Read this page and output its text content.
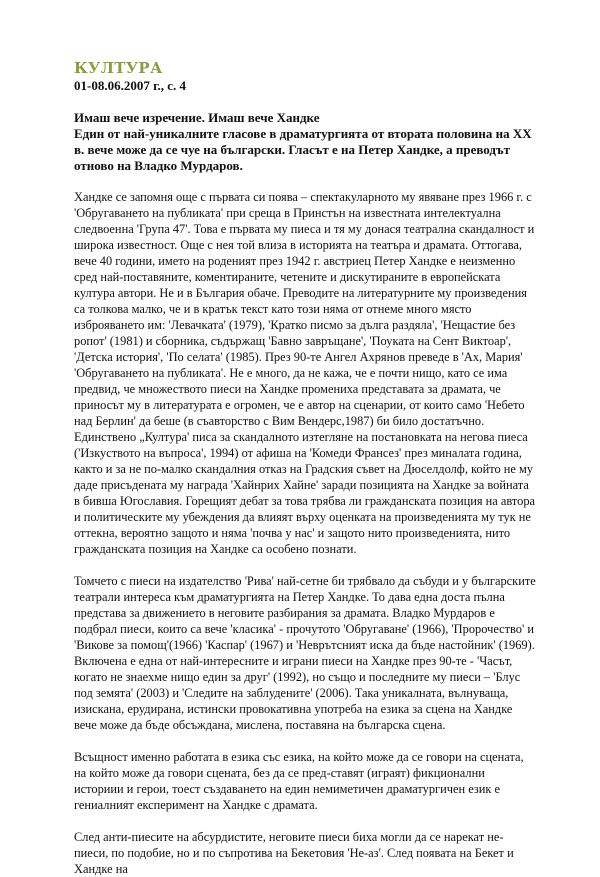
КУЛТУРА
01-08.06.2007 г., с. 4
Имаш вече изречение. Имаш вече Хандке
Един от най-уникалните гласове в драматургията от втората половина на ХХ в. вече може да се чуе на български. Гласът е на Петер Хандке, а преводът отново на Владко Мурдаров.

Хандке се запомня още с първата си поява – спектакуларното му явяване през 1966 г. с 'Обругаването на публиката' при среща в Принстън на известната интелектуална следвоенна 'Група 47'. Това е първата му пиеса и тя му донася театрална скандалност и широка известност. Още с нея той влиза в историята на театъра и драмата. Оттогава, вече 40 години, името на роденият през 1942 г. австриец Петер Хандке е неизменно сред най-поставяните, коментираните, четените и дискутираните в европейската култура автори. Не и в България обаче. Преводите на литературните му произведения са толкова малко, че и в кратък текст като този няма от отнеме много място изброяването им: 'Левачката' (1979), 'Кратко писмо за дълга раздяла', 'Нещастие без ропот' (1981) и сборника, съдържащ 'Бавно завръщане', 'Поуката на Сент Виктоар', 'Детска история', 'По селата' (1985). През 90-те Ангел Ахрянов преведе в 'Ах, Мария' 'Обругаването на публиката'. Не е много, да не кажа, че е почти нищо, като се има предвид, че множеството пиеси на Хандке промениха представата за драмата, че приносът му в литературата е огромен, че е автор на сценарии, от които само 'Небето над Берлин' да беше (в съавторство с Вим Вендерс,1987) би било достатъчно. Единствено „Култура' писа за скандалното изтегляне на постановката на негова пиеса ('Изкуството на въпроса', 1994) от афиша на 'Комеди Франсез' през миналата година, както и за не по-малко скандалния отказ на Градския съвет на Дюселдолф, който не му даде присъдената му награда 'Хайнрих Хайне' заради позицията на Хандке за войната в бивша Югославия. Горещият дебат за това трябва ли гражданската позиция на автора и политическите му убеждения да влияят върху оценката на произведенията му тук не оттекна, вероятно защото и няма 'почва у нас' и защото нито произведенията, нито гражданската позиция на Хандке са особено познати.

Томчето с пиеси на издателство 'Рива' най-сетне би трябвало да събуди и у българските театрали интереса към драматургията на Петер Хандке. То дава една доста пълна представа за движението в неговите разбирания за драмата. Владко Мурдаров е подбрал пиеси, които са вече 'класика' - прочутото 'Обругаване' (1966), 'Пророчество' и 'Викове за помощ'(1966) 'Каспар' (1967) и 'Неврътсният иска да бъде настойник' (1969). Включена е една от най-интересните и играни пиеси на Хандке през 90-те - 'Часът, когато не знаехме нищо един за друг' (1992), но също и последните му пиеси – 'Блус под земята' (2003) и 'Следите на заблудените' (2006). Така уникалната, вълнуваща, изискана, ерудирана, истински провокативна употреба на езика за сцена на Хандке вече може да бъде обсъждана, мислена, поставяна на българска сцена.

Всъщност именно работата в езика със езика, на който може да се говори на сцената, на който може да говори сцената, без да се пред-ставят (играят) фикционални историии и герои, тоест създаването на един немиметичен драматургичен език е гениалният експеримент на Хандке с драмата.

След анти-пиесите на абсурдистите, неговите пиеси биха могли да се нарекат не-пиеси, по подобие, но и по съпротива на Бекетовия 'Не-аз'. След появата на Бекет и Хандке на
